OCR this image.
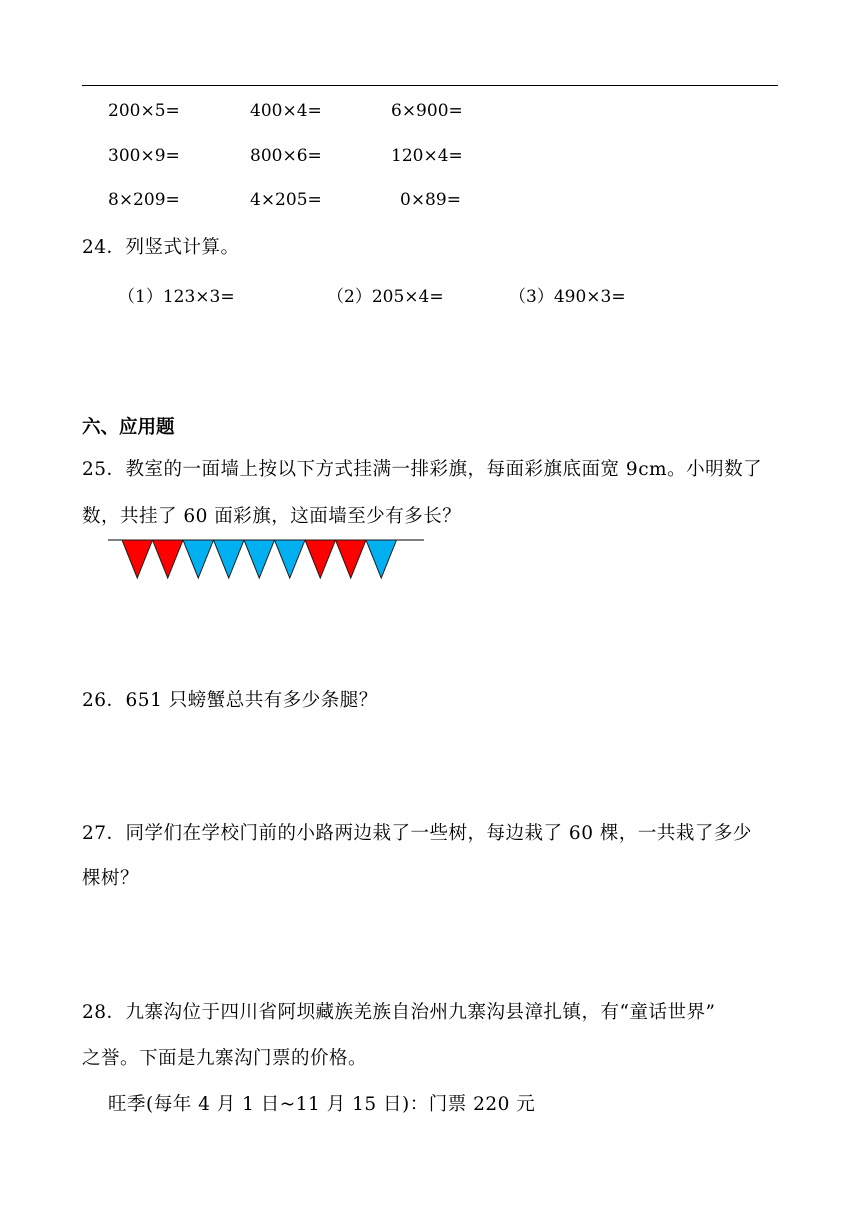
200×5=	400×4=	6×900=
300×9=	800×6=	120×4=
8×209=	4×205=	0×89=
24．列竖式计算。
（1）123×3=	（2）205×4=	（3）490×3=
六、应用题
25．教室的一面墙上按以下方式挂满一排彩旗，每面彩旗底面宽 9cm。小明数了
数，共挂了 60 面彩旗，这面墙至少有多长？
26．651 只螃蟹总共有多少条腿？
27．同学们在学校门前的小路两边栽了一些树，每边栽了 60 棵，一共栽了多少
棵树？
28．九寨沟位于四川省阿坝藏族羌族自治州九寨沟县漳扎镇，有“童话世界”
之誉。下面是九寨沟门票的价格。
旺季(每年 4 月 1 日~11 月 15 日)：门票 220 元
